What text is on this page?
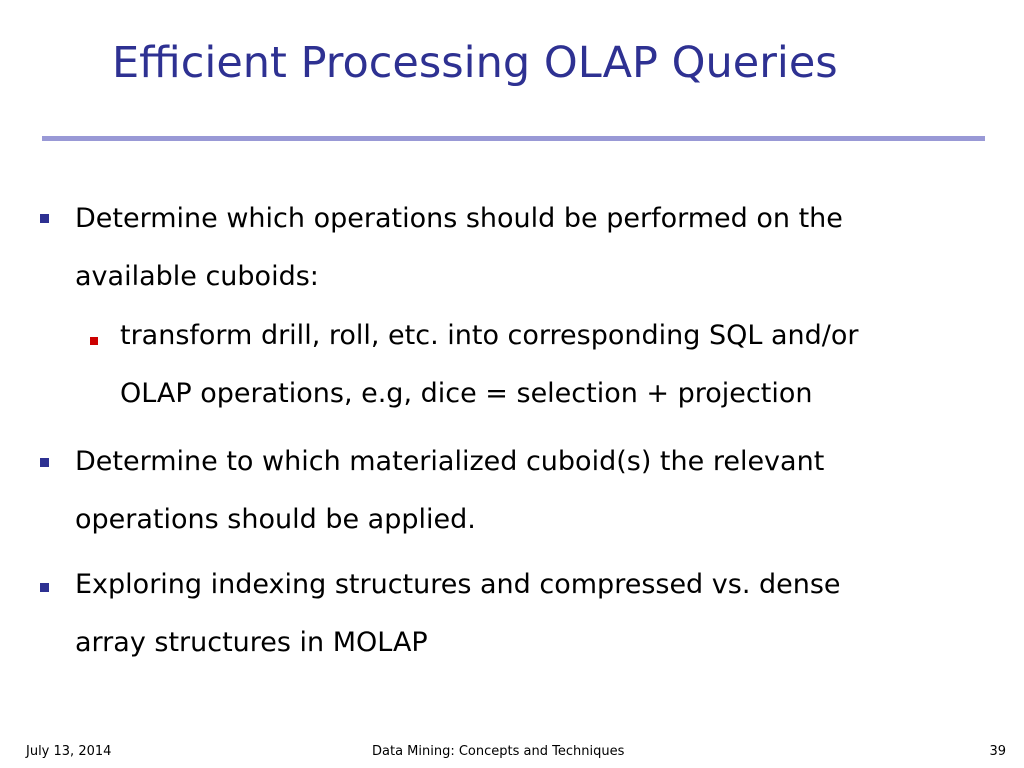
Efficient Processing OLAP Queries
Determine which operations should be performed on the
available cuboids:
transform drill, roll, etc. into corresponding SQL and/or
OLAP operations, e.g, dice = selection + projection
Determine to which materialized cuboid(s) the relevant
operations should be applied.
Exploring indexing structures and compressed vs. dense
array structures in MOLAP
July 13, 2014	Data Mining: Concepts and Techniques	39
